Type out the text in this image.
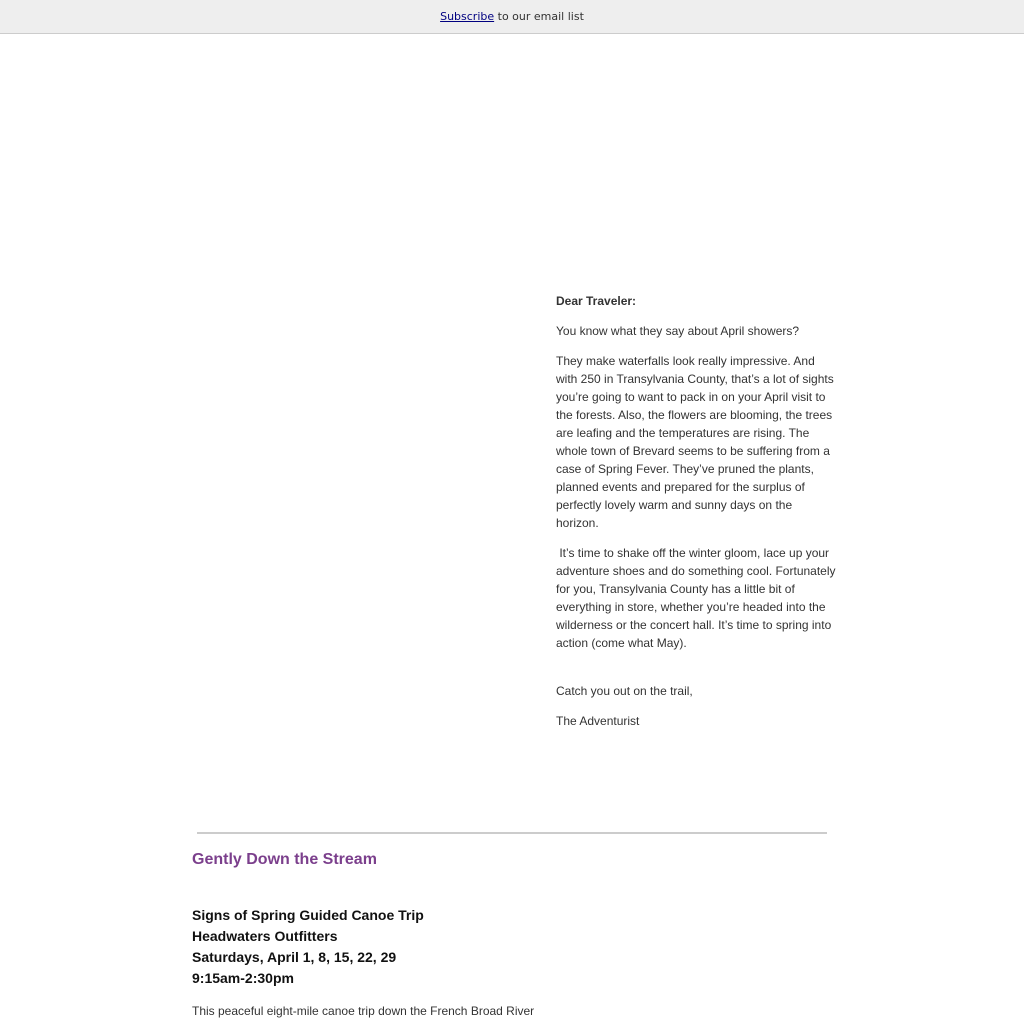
Subscribe to our email list

Dear Traveler:

You know what they say about April showers?

They make waterfalls look really impressive. And with 250 in Transylvania County, that’s a lot of sights you’re going to want to pack in on your April visit to the forests. Also, the flowers are blooming, the trees are leafing and the temperatures are rising. The whole town of Brevard seems to be suffering from a case of Spring Fever. They’ve pruned the plants, planned events and prepared for the surplus of perfectly lovely warm and sunny days on the horizon.

It’s time to shake off the winter gloom, lace up your adventure shoes and do something cool. Fortunately for you, Transylvania County has a little bit of everything in store, whether you’re headed into the wilderness or the concert hall. It’s time to spring into action (come what May).

Catch you out on the trail,

The Adventurist

Gently Down the Stream
Signs of Spring Guided Canoe Trip
Headwaters Outfitters
Saturdays, April 1, 8, 15, 22, 29
9:15am-2:30pm
This peaceful eight-mile canoe trip down the French Broad River
